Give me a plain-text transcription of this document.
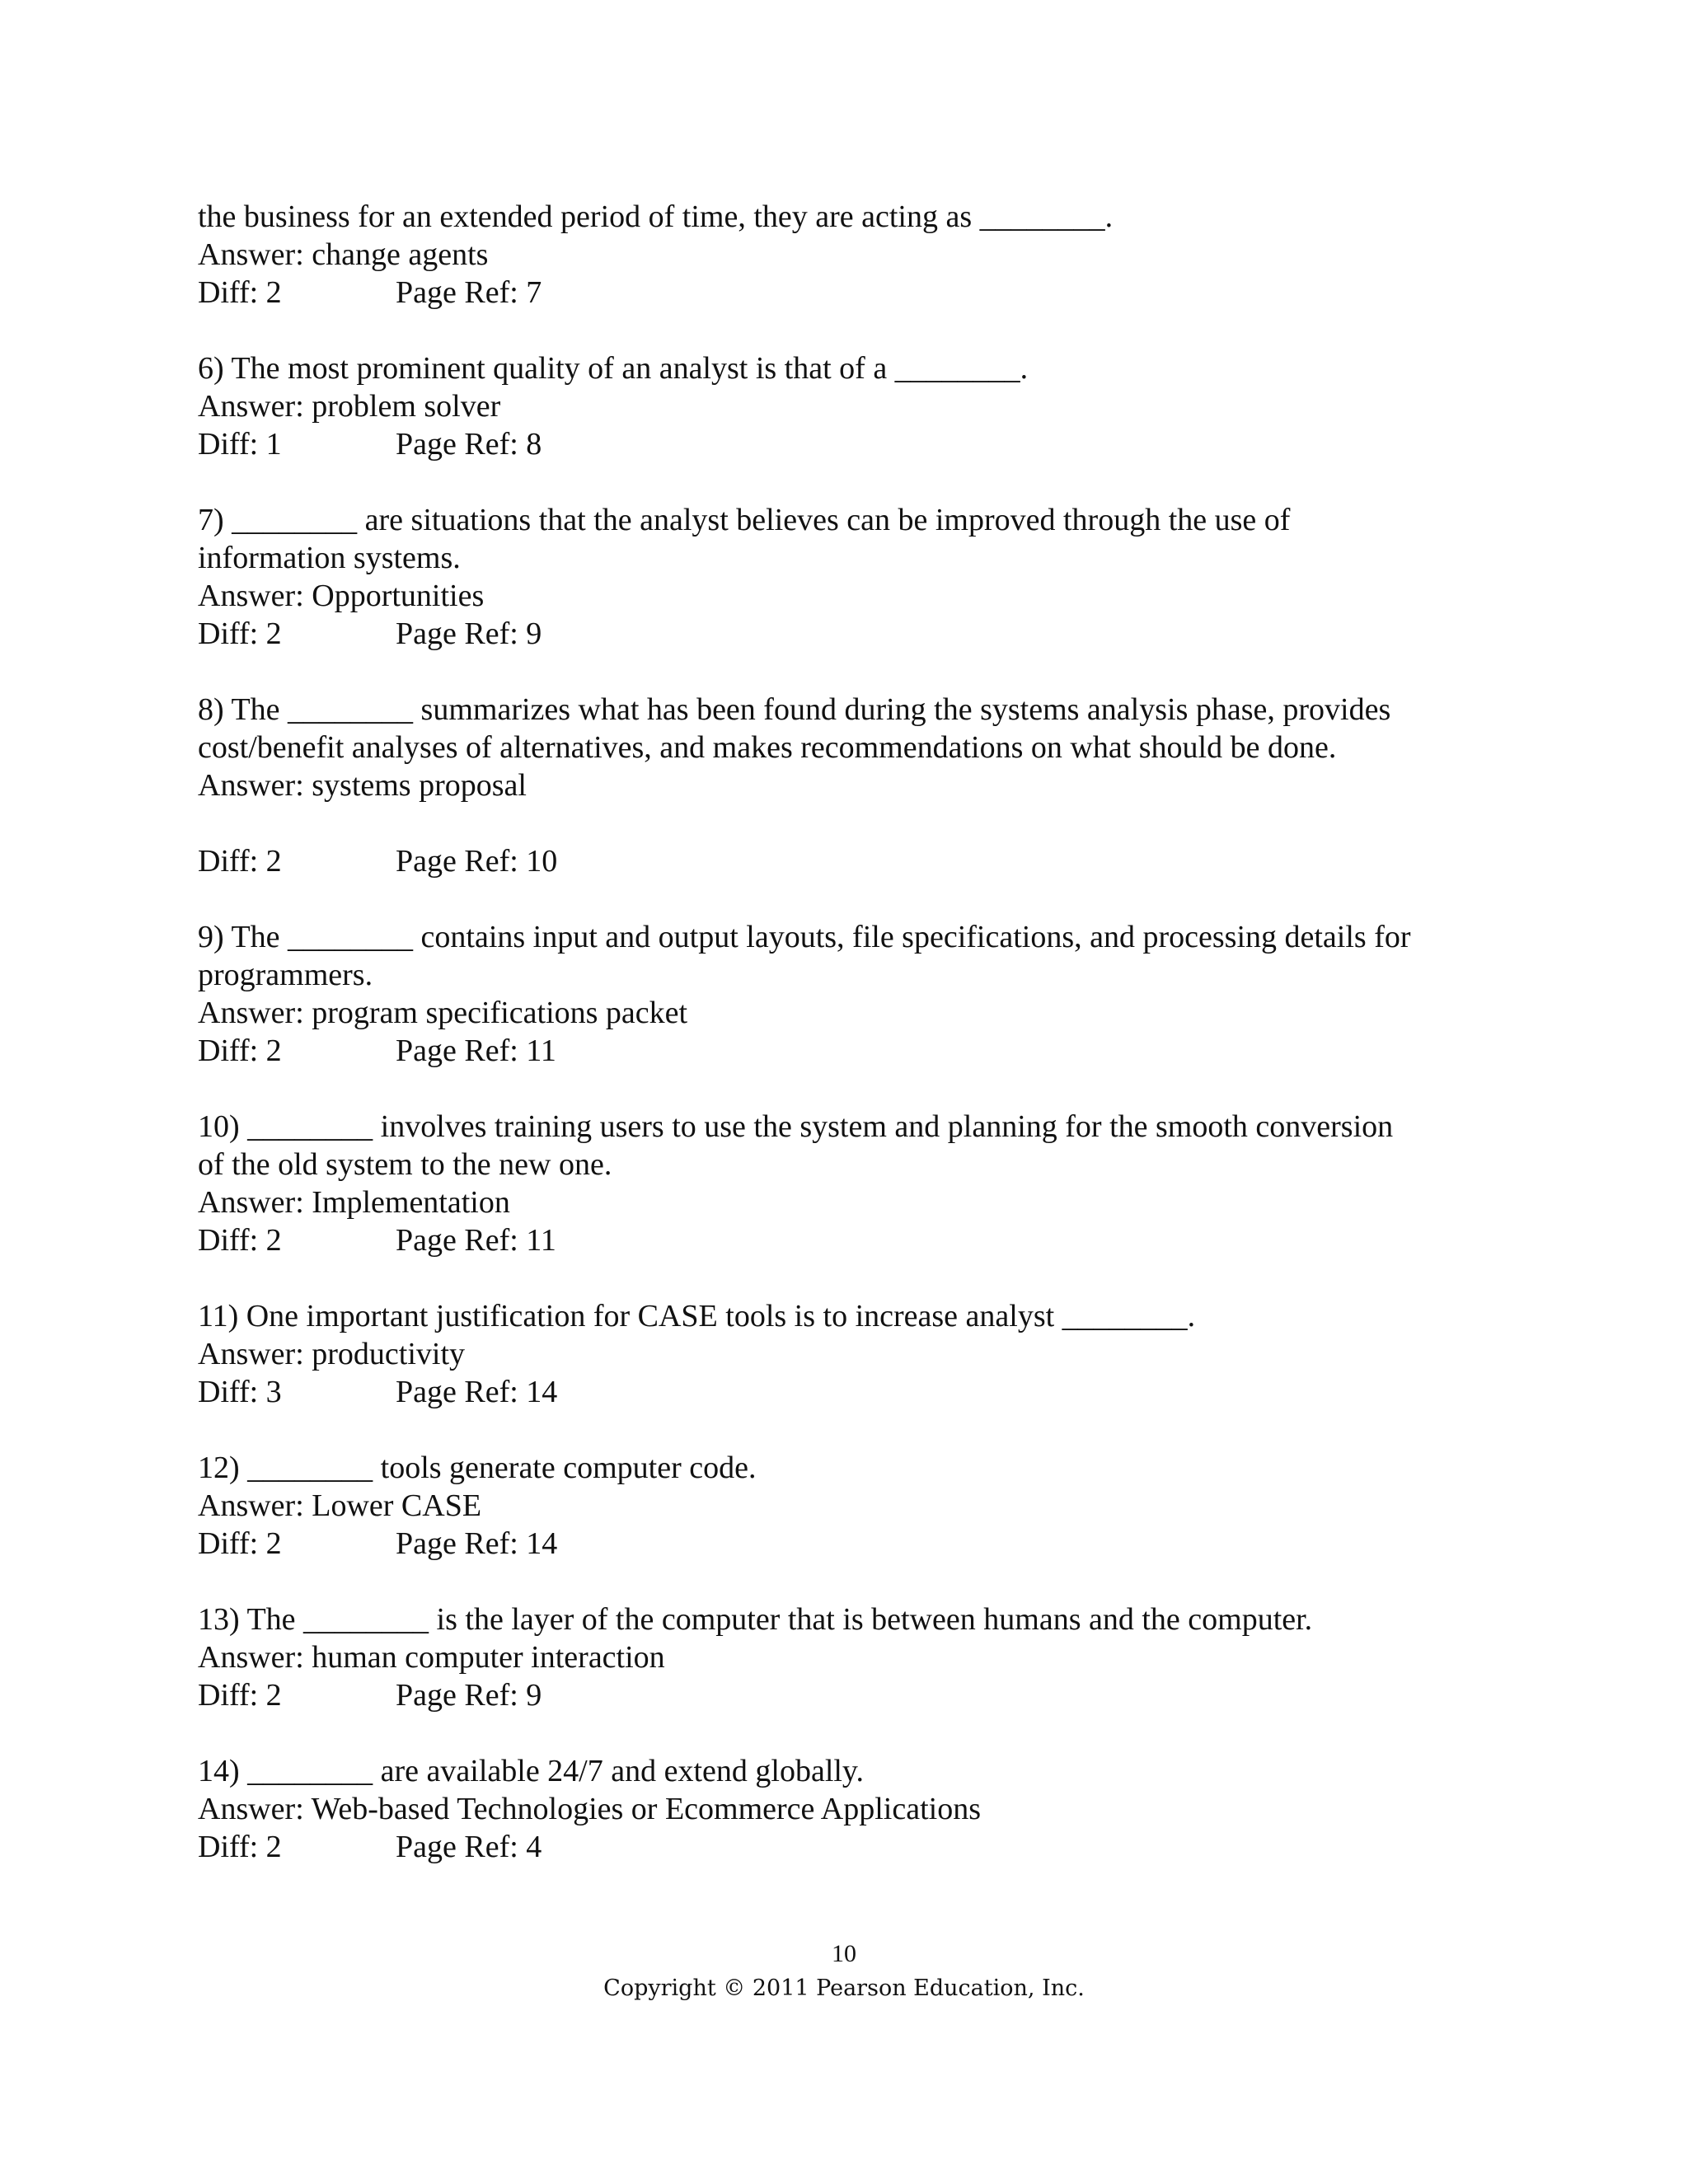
the business for an extended period of time, they are acting as ________.
Answer: change agents
Diff: 2	Page Ref: 7
6) The most prominent quality of an analyst is that of a ________.
Answer: problem solver
Diff: 1	Page Ref: 8
7) ________ are situations that the analyst believes can be improved through the use of
information systems.
Answer: Opportunities
Diff: 2	Page Ref: 9
8) The ________ summarizes what has been found during the systems analysis phase, provides
cost/benefit analyses of alternatives, and makes recommendations on what should be done.
Answer: systems proposal
Diff: 2	Page Ref: 10
9) The ________ contains input and output layouts, file specifications, and processing details for
programmers.
Answer: program specifications packet
Diff: 2	Page Ref: 11
10) ________ involves training users to use the system and planning for the smooth conversion
of the old system to the new one.
Answer: Implementation
Diff: 2	Page Ref: 11
11) One important justification for CASE tools is to increase analyst ________.
Answer: productivity
Diff: 3	Page Ref: 14
12) ________ tools generate computer code.
Answer: Lower CASE
Diff: 2	Page Ref: 14
13) The ________ is the layer of the computer that is between humans and the computer.
Answer: human computer interaction
Diff: 2	Page Ref: 9
14) ________ are available 24/7 and extend globally.
Answer: Web-based Technologies or Ecommerce Applications
Diff: 2	Page Ref: 4
10
Copyright © 2011 Pearson Education, Inc.
